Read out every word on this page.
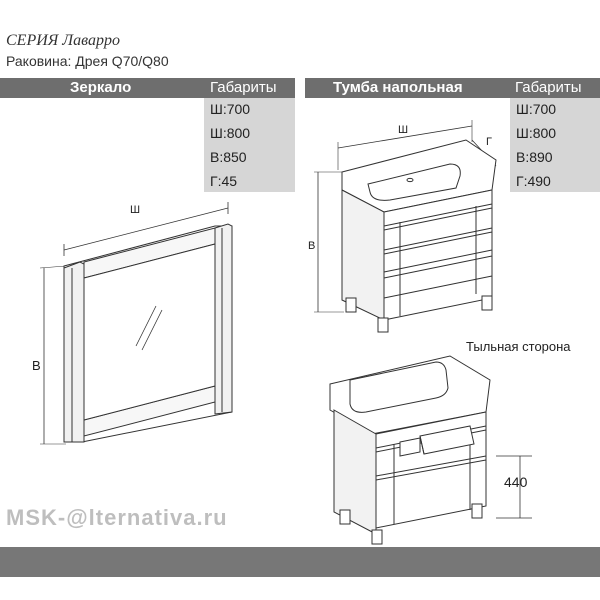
СЕРИЯ Лаварро
Раковина: Дрея Q70/Q80
Зеркало	Габариты	Тумба напольная	Габариты
Ш:700
Ш:800
В:850
Г:45
Ш:700
Ш:800
В:890
Г:490
Ш
В
Ш
Г
В
Тыльная сторона
440
MSK-@lternativa.ru
